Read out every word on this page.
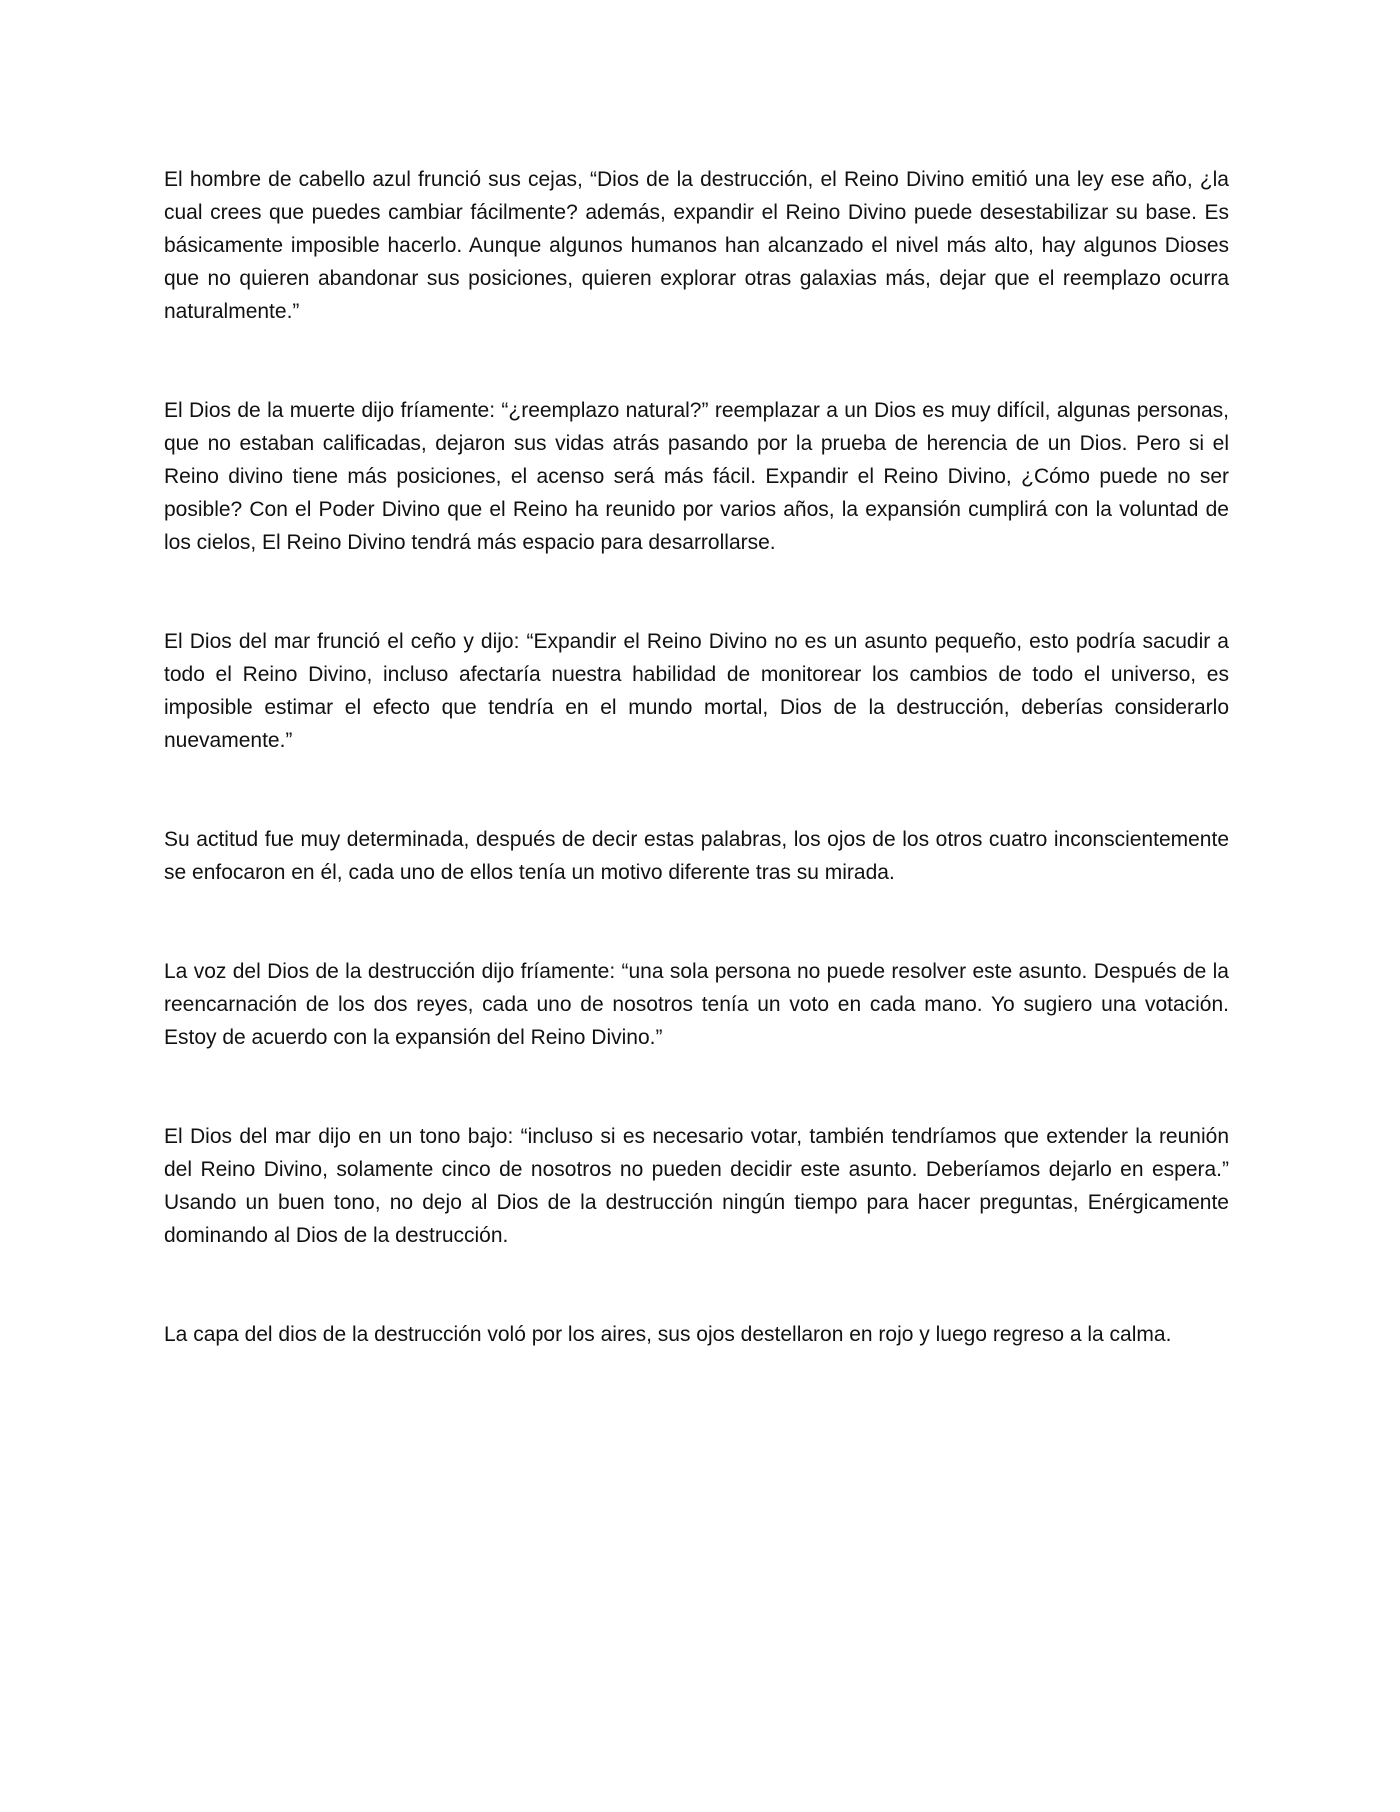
El hombre de cabello azul frunció sus cejas, “Dios de la destrucción, el Reino Divino emitió una ley ese año, ¿la cual crees que puedes cambiar fácilmente? además, expandir el Reino Divino puede desestabilizar su base. Es básicamente imposible hacerlo. Aunque algunos humanos han alcanzado el nivel más alto, hay algunos Dioses que no quieren abandonar sus posiciones, quieren explorar otras galaxias más, dejar que el reemplazo ocurra naturalmente.”

El Dios de la muerte dijo fríamente: “¿reemplazo natural?” reemplazar a un Dios es muy difícil, algunas personas, que no estaban calificadas, dejaron sus vidas atrás pasando por la prueba de herencia de un Dios. Pero si el Reino divino tiene más posiciones, el acenso será más fácil. Expandir el Reino Divino, ¿Cómo puede no ser posible? Con el Poder Divino que el Reino ha reunido por varios años, la expansión cumplirá con la voluntad de los cielos, El Reino Divino tendrá más espacio para desarrollarse.

El Dios del mar frunció el ceño y dijo: “Expandir el Reino Divino no es un asunto pequeño, esto podría sacudir a todo el Reino Divino, incluso afectaría nuestra habilidad de monitorear los cambios de todo el universo, es imposible estimar el efecto que tendría en el mundo mortal, Dios de la destrucción, deberías considerarlo nuevamente.”

Su actitud fue muy determinada, después de decir estas palabras, los ojos de los otros cuatro inconscientemente se enfocaron en él, cada uno de ellos tenía un motivo diferente tras su mirada.

La voz del Dios de la destrucción dijo fríamente: “una sola persona no puede resolver este asunto. Después de la reencarnación de los dos reyes, cada uno de nosotros tenía un voto en cada mano. Yo sugiero una votación. Estoy de acuerdo con la expansión del Reino Divino.”

El Dios del mar dijo en un tono bajo: “incluso si es necesario votar, también tendríamos que extender la reunión del Reino Divino, solamente cinco de nosotros no pueden decidir este asunto. Deberíamos dejarlo en espera.” Usando un buen tono, no dejo al Dios de la destrucción ningún tiempo para hacer preguntas, Enérgicamente dominando al Dios de la destrucción.

La capa del dios de la destrucción voló por los aires, sus ojos destellaron en rojo y luego regreso a la calma.
